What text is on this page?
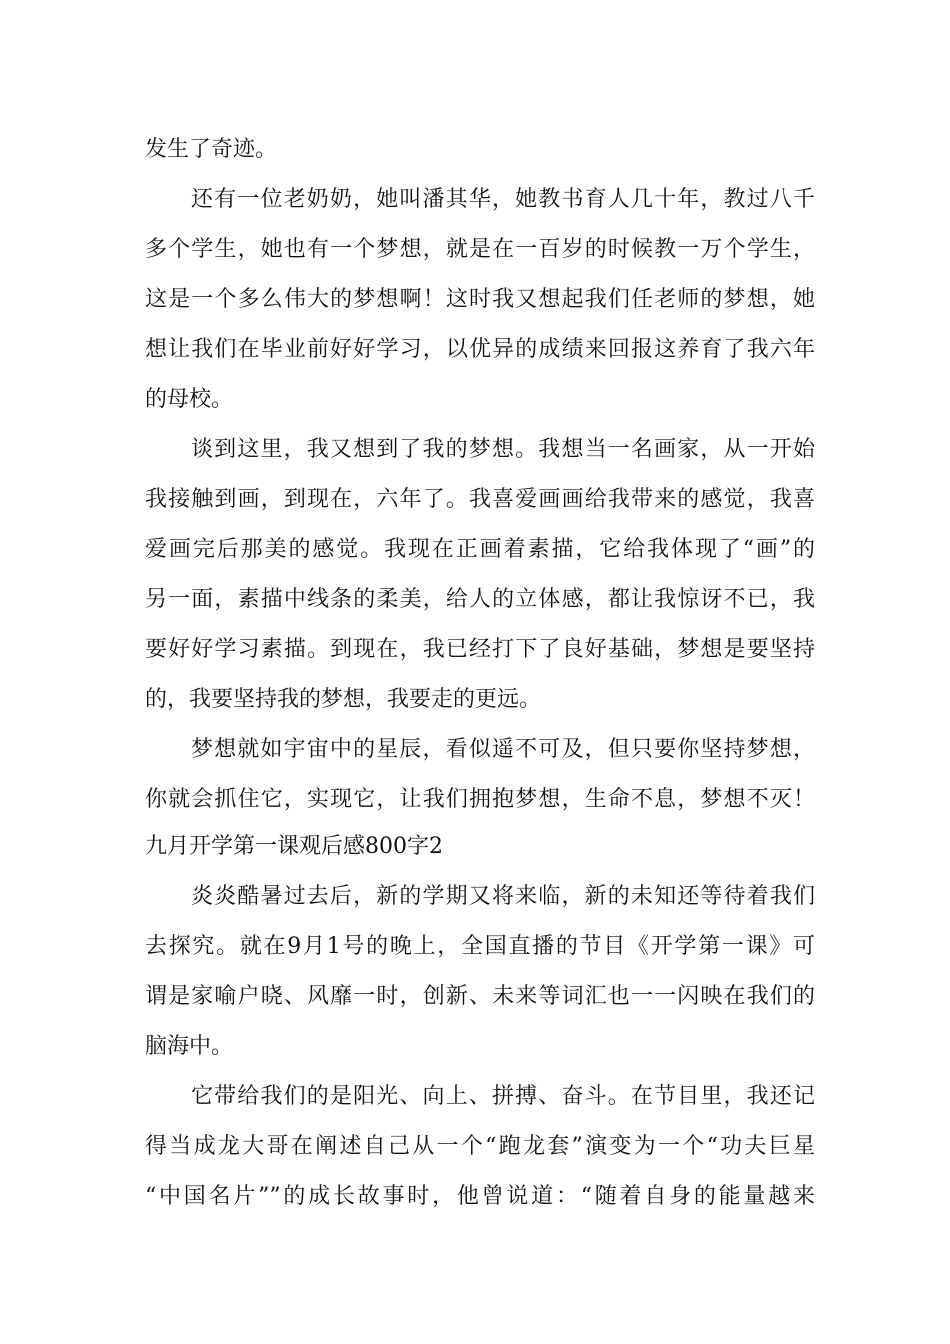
发生了奇迹。
还有一位老奶奶，她叫潘其华，她教书育人几十年，教过八千
多个学生，她也有一个梦想，就是在一百岁的时候教一万个学生，
这是一个多么伟大的梦想啊！这时我又想起我们任老师的梦想，她
想让我们在毕业前好好学习，以优异的成绩来回报这养育了我六年
的母校。
谈到这里，我又想到了我的梦想。我想当一名画家，从一开始
我接触到画，到现在，六年了。我喜爱画画给我带来的感觉，我喜
爱画完后那美的感觉。我现在正画着素描，它给我体现了“画”的
另一面，素描中线条的柔美，给人的立体感，都让我惊讶不已，我
要好好学习素描。到现在，我已经打下了良好基础，梦想是要坚持
的，我要坚持我的梦想，我要走的更远。
梦想就如宇宙中的星辰，看似遥不可及，但只要你坚持梦想，
你就会抓住它，实现它，让我们拥抱梦想，生命不息，梦想不灭！
九月开学第一课观后感800字2
炎炎酷暑过去后，新的学期又将来临，新的未知还等待着我们
去探究。就在9月1号的晚上，全国直播的节目《开学第一课》可
谓是家喻户晓、风靡一时，创新、未来等词汇也一一闪映在我们的
脑海中。
它带给我们的是阳光、向上、拼搏、奋斗。在节目里，我还记
得当成龙大哥在阐述自己从一个“跑龙套”演变为一个“功夫巨星
“中国名片””的成长故事时，他曾说道：“随着自身的能量越来
